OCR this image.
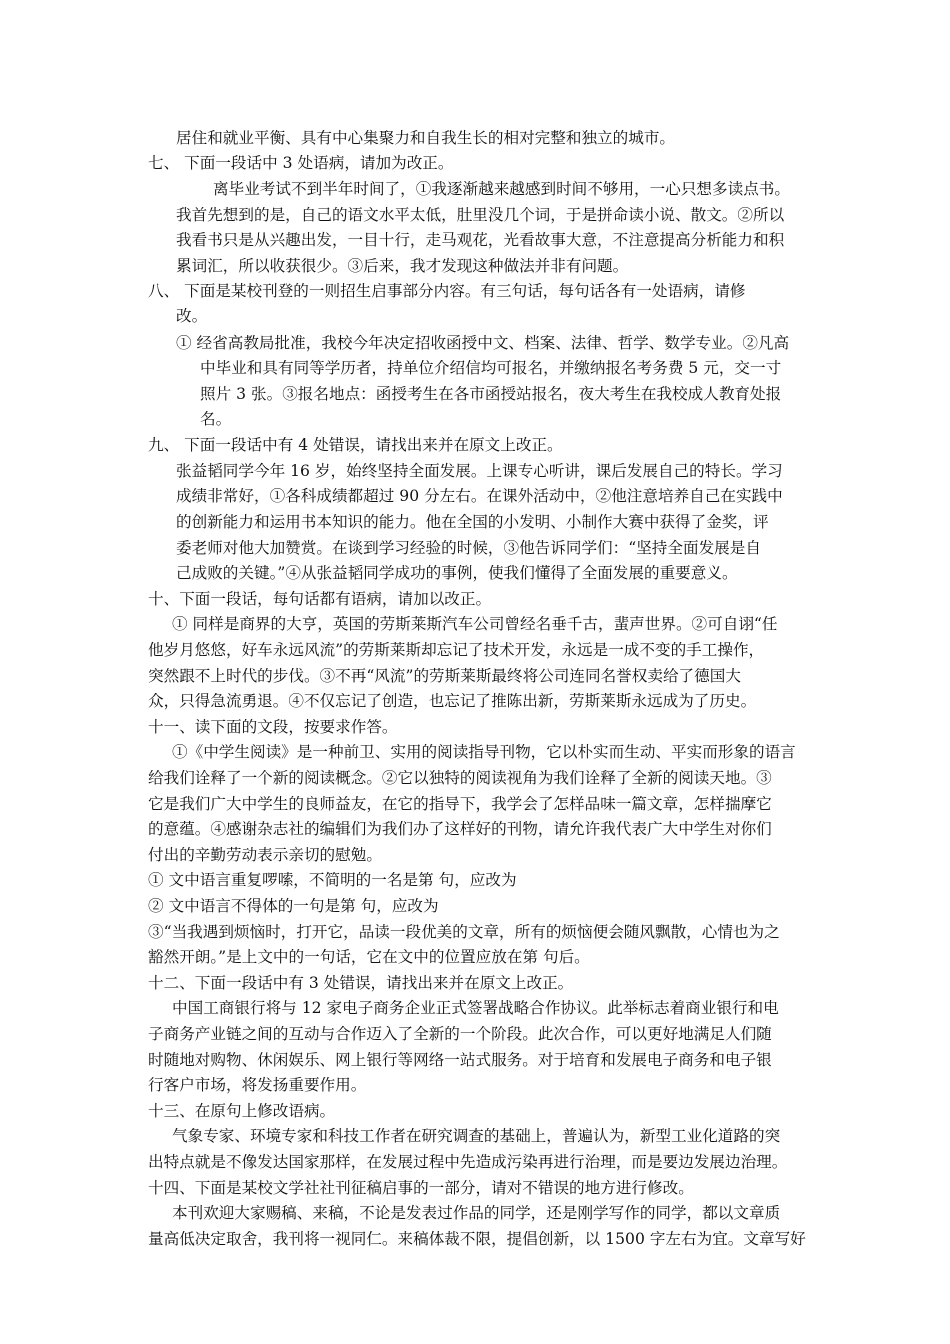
居住和就业平衡、具有中心集聚力和自我生长的相对完整和独立的城市。
七、 下面一段话中 3 处语病，请加为改正。
离毕业考试不到半年时间了，①我逐渐越来越感到时间不够用，一心只想多读点书。
我首先想到的是，自己的语文水平太低，肚里没几个词，于是拼命读小说、散文。②所以
我看书只是从兴趣出发，一目十行，走马观花，光看故事大意，不注意提高分析能力和积
累词汇，所以收获很少。③后来，我才发现这种做法并非有问题。
八、 下面是某校刊登的一则招生启事部分内容。有三句话，每句话各有一处语病，请修
改。
① 经省高教局批准，我校今年决定招收函授中文、档案、法律、哲学、数学专业。②凡高
中毕业和具有同等学历者，持单位介绍信均可报名，并缴纳报名考务费 5 元，交一寸
照片 3 张。③报名地点：函授考生在各市函授站报名，夜大考生在我校成人教育处报
名。
九、 下面一段话中有 4 处错误，请找出来并在原文上改正。
张益韬同学今年 16 岁，始终坚持全面发展。上课专心听讲，课后发展自己的特长。学习
成绩非常好，①各科成绩都超过 90 分左右。在课外活动中，②他注意培养自己在实践中
的创新能力和运用书本知识的能力。他在全国的小发明、小制作大赛中获得了金奖，评
委老师对他大加赞赏。在谈到学习经验的时候，③他告诉同学们：“坚持全面发展是自
己成败的关键。”④从张益韬同学成功的事例，使我们懂得了全面发展的重要意义。
十、下面一段话，每句话都有语病，请加以改正。
① 同样是商界的大亨，英国的劳斯莱斯汽车公司曾经名垂千古，蜚声世界。②可自诩“任
他岁月悠悠，好车永远风流”的劳斯莱斯却忘记了技术开发，永远是一成不变的手工操作，
突然跟不上时代的步伐。③不再“风流”的劳斯莱斯最终将公司连同名誉权卖给了德国大
众，只得急流勇退。④不仅忘记了创造，也忘记了推陈出新，劳斯莱斯永远成为了历史。
十一、读下面的文段，按要求作答。
①《中学生阅读》是一种前卫、实用的阅读指导刊物，它以朴实而生动、平实而形象的语言
给我们诠释了一个新的阅读概念。②它以独特的阅读视角为我们诠释了全新的阅读天地。③
它是我们广大中学生的良师益友，在它的指导下，我学会了怎样品味一篇文章，怎样揣摩它
的意蕴。④感谢杂志社的编辑们为我们办了这样好的刊物，请允许我代表广大中学生对你们
付出的辛勤劳动表示亲切的慰勉。
① 文中语言重复啰嗦，不简明的一名是第 句，应改为
② 文中语言不得体的一句是第 句，应改为
③“当我遇到烦恼时，打开它，品读一段优美的文章，所有的烦恼便会随风飘散，心情也为之
豁然开朗。”是上文中的一句话，它在文中的位置应放在第 句后。
十二、下面一段话中有 3 处错误，请找出来并在原文上改正。
中国工商银行将与 12 家电子商务企业正式签署战略合作协议。此举标志着商业银行和电
子商务产业链之间的互动与合作迈入了全新的一个阶段。此次合作，可以更好地满足人们随
时随地对购物、休闲娱乐、网上银行等网络一站式服务。对于培育和发展电子商务和电子银
行客户市场，将发扬重要作用。
十三、在原句上修改语病。
气象专家、环境专家和科技工作者在研究调查的基础上，普遍认为，新型工业化道路的突
出特点就是不像发达国家那样，在发展过程中先造成污染再进行治理，而是要边发展边治理。
十四、下面是某校文学社社刊征稿启事的一部分，请对不错误的地方进行修改。
本刊欢迎大家赐稿、来稿，不论是发表过作品的同学，还是刚学写作的同学，都以文章质
量高低决定取舍，我刊将一视同仁。来稿体裁不限，提倡创新，以 1500 字左右为宜。文章写好
